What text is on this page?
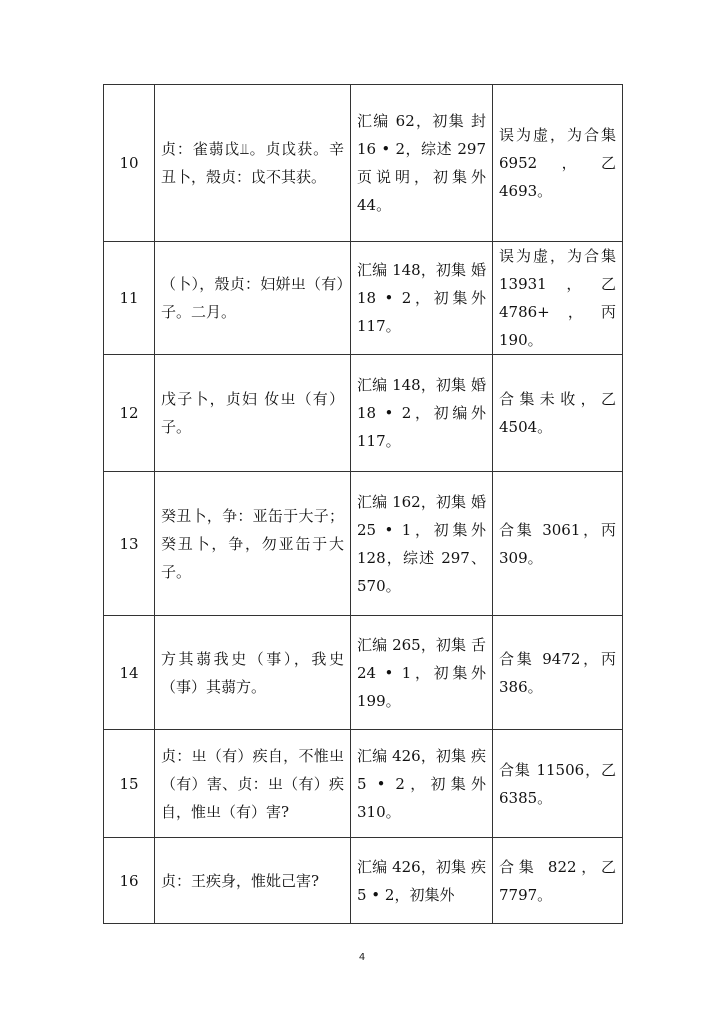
10	贞：雀蒻戉⫫。贞戉获。辛丑卜，殼贞：戉不其获。	汇编 62，初集 封 16 • 2，综述 297 页说明，初集外 44。	误为虚，为合集 6952，乙 4693。
11	（卜），殼贞：妇姘㞢（有）子。二月。	汇编 148，初集 婚 18 • 2，初集外 117。	误为虚，为合集 13931，乙4786+，丙 190。
12	戊子卜，贞妇 㚢㞢（有）子。	汇编 148，初集 婚 18 • 2，初编外 117。	合集未收，乙 4504。
13	癸丑卜，争：亚缶于大子；癸丑卜，争，勿亚缶于大子。	汇编 162，初集 婚 25 • 1，初集外 128，综述 297、570。	合集 3061，丙 309。
14	方其蒻我史（事），我史（事）其蒻方。	汇编 265，初集 舌 24 • 1，初集外 199。	合集 9472，丙 386。
15	贞：㞢（有）疾自，不惟㞢（有）害、贞：㞢（有）疾自，惟㞢（有）害?	汇编 426，初集 疾 5 • 2，初集外 310。	合集 11506，乙 6385。
16	贞：王疾身，惟妣己害?	汇编 426，初集 疾 5 • 2，初集外	合集 822，乙 7797。
4
